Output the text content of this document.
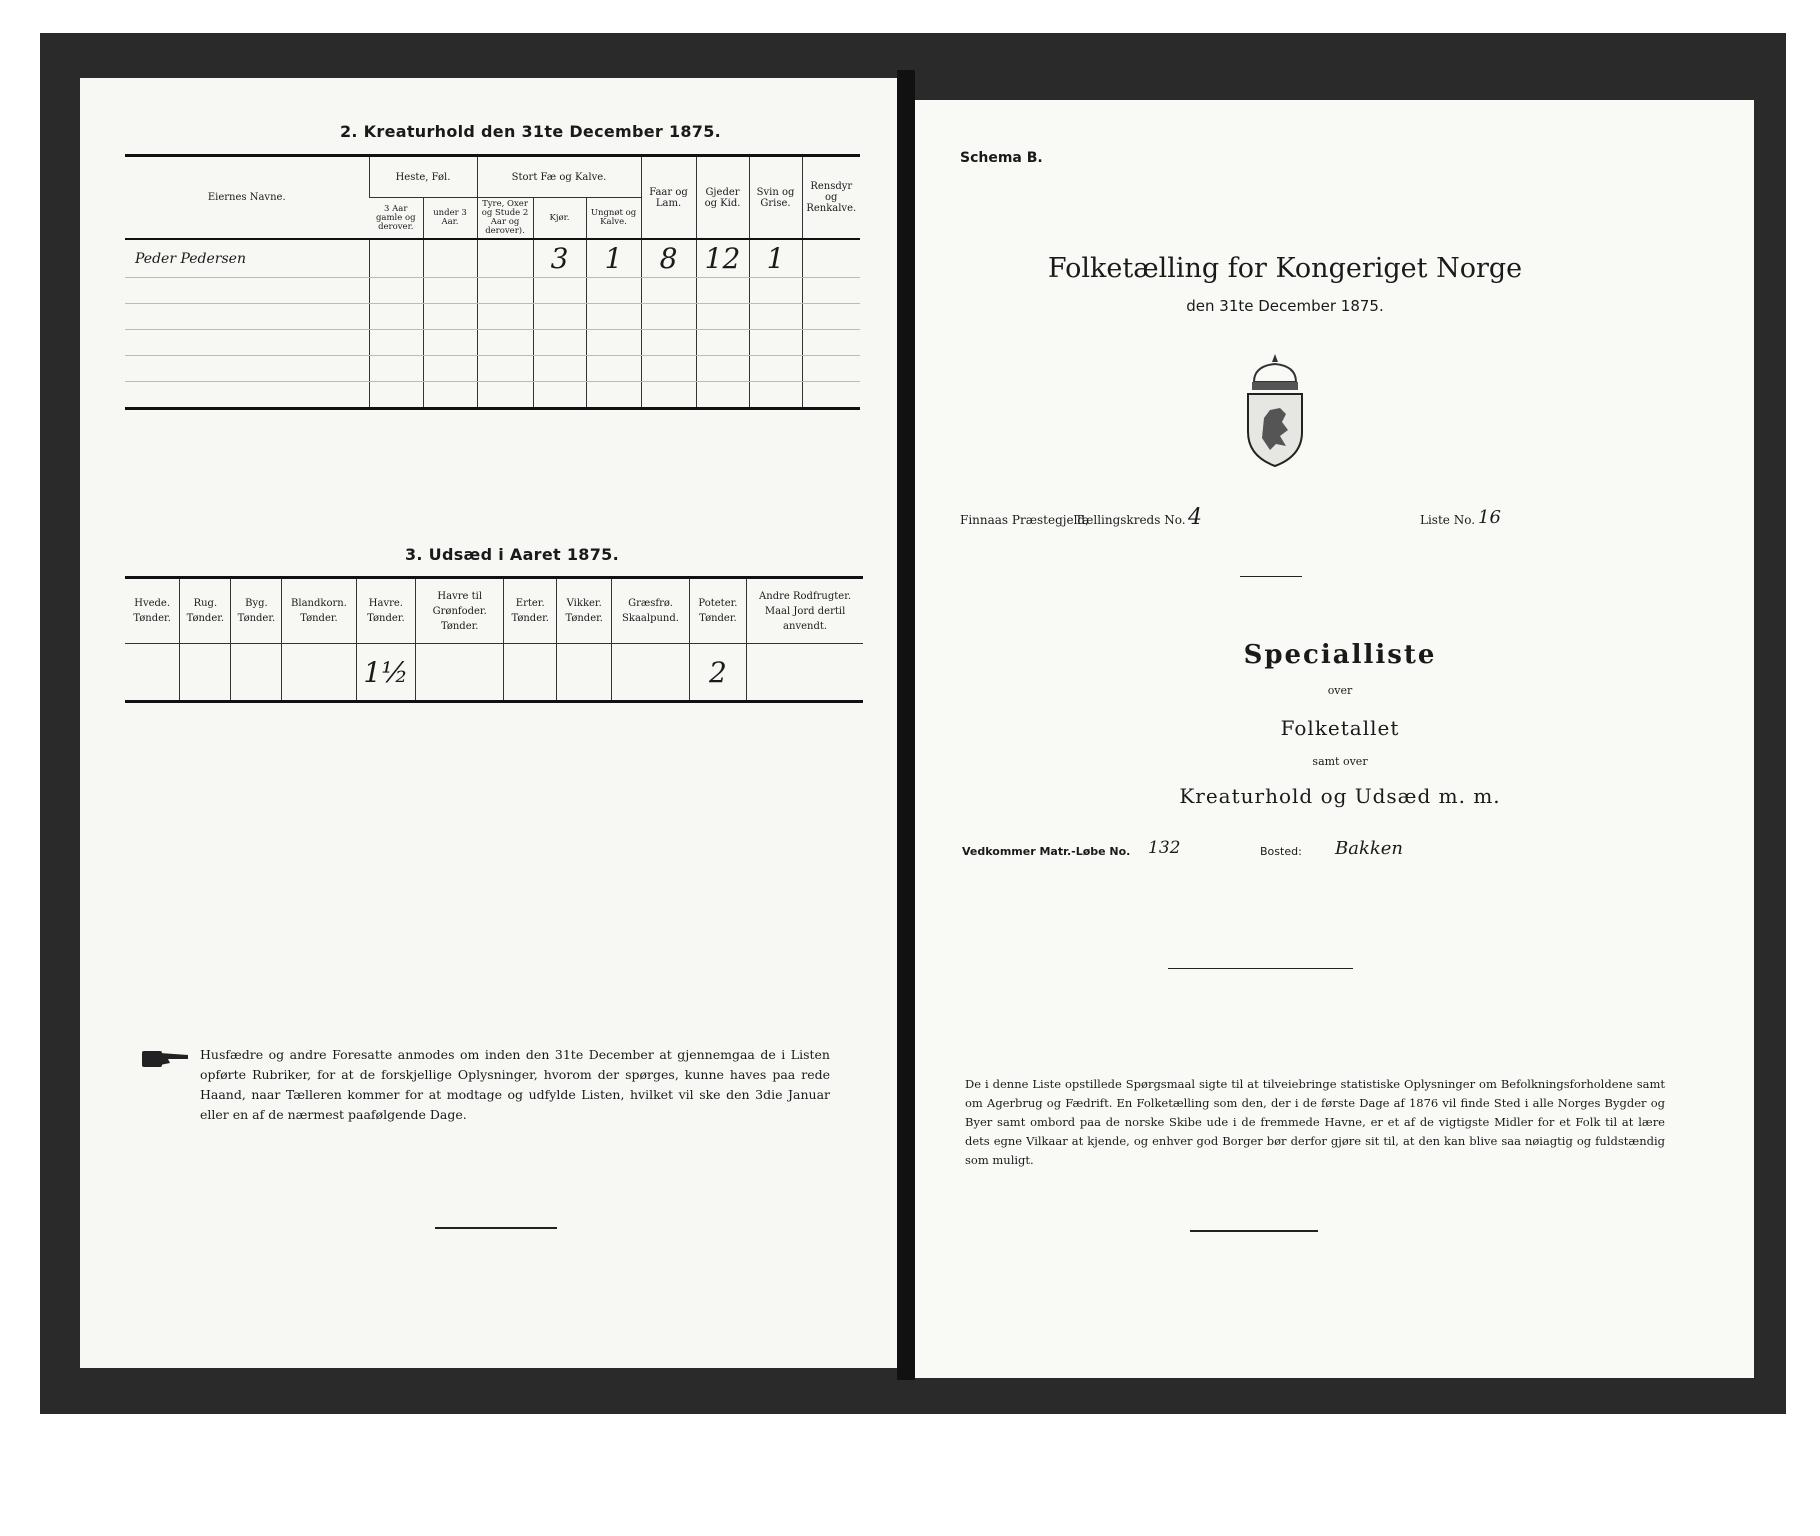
2. Kreaturhold den 31te December 1875.
Eiernes Navne.	Heste, Føl.		Stort Fæ og Kalve.			Faar og Lam.	Gjeder og Kid.	Svin og Grise.	Rensdyr og Renkalve.
	3 Aar gamle og derover.	under 3 Aar.	Tyre, Oxer og Stude 2 Aar og derover).	Kjør.	Ungnøt og Kalve.				
Peder Pedersen				3	1	8	12	1	

3. Udsæd i Aaret 1875.
Hvede. Tønder.	Rug. Tønder.	Byg. Tønder.	Blandkorn. Tønder.	Havre. Tønder.	Havre til Grønfoder. Tønder.	Erter. Tønder.	Vikker. Tønder.	Græsfrø. Skaalpund.	Poteter. Tønder.	Andre Rodfrugter. Maal Jord dertil anvendt.
				1½					2	
Husfædre og andre Foresatte anmodes om inden den 31te December at gjennemgaa de i Listen opførte Rubriker, for at de forskjellige Oplysninger, hvorom der spørges, kunne haves paa rede Haand, naar Tælleren kommer for at modtage og udfylde Listen, hvilket vil ske den 3die Januar eller en af de nærmest paafølgende Dage.
Schema B.
Folketælling for Kongeriget Norge
den 31te December 1875.
Finnaas Præstegjeld,
Tællingskreds No. 4	Liste No. 16
Specialliste
over
Folketallet
samt over
Kreaturhold og Udsæd m. m.
Vedkommer Matr.-Løbe No. 132	Bosted: Bakken
De i denne Liste opstillede Spørgsmaal sigte til at tilveiebringe statistiske Oplysninger om Befolkningsforholdene samt om Agerbrug og Fædrift. En Folketælling som den, der i de første Dage af 1876 vil finde Sted i alle Norges Bygder og Byer samt ombord paa de norske Skibe ude i de fremmede Havne, er et af de vigtigste Midler for et Folk til at lære dets egne Vilkaar at kjende, og enhver god Borger bør derfor gjøre sit til, at den kan blive saa nøiagtig og fuldstændig som muligt.
